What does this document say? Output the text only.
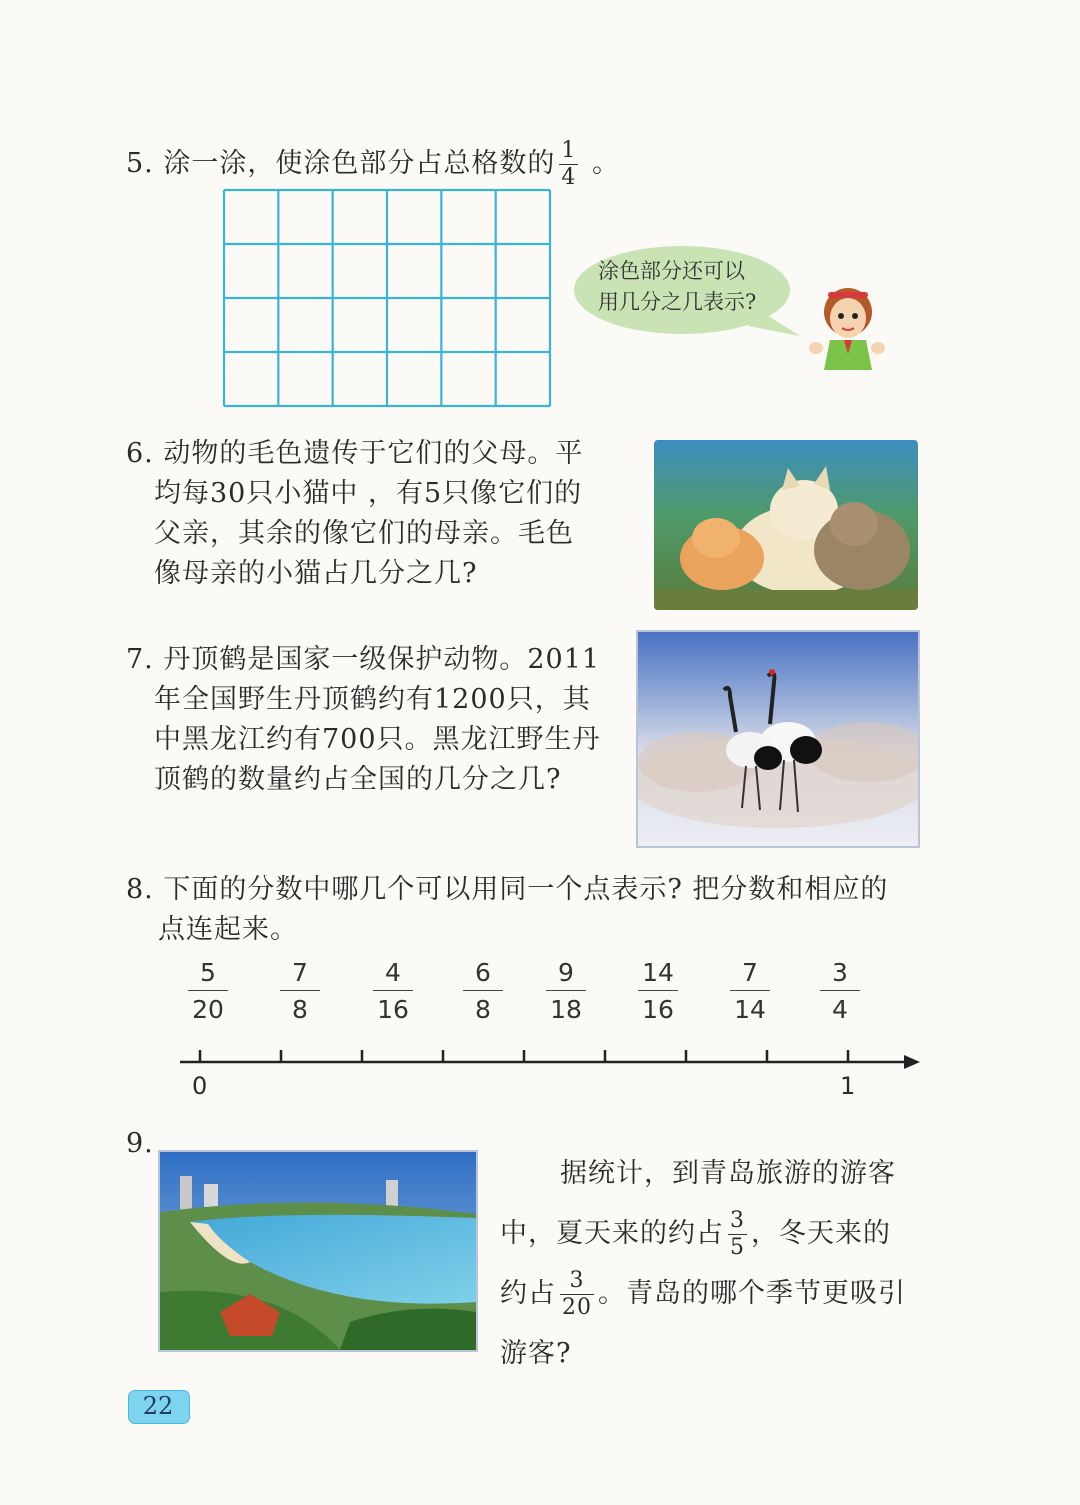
5. 涂一涂，使涂色部分占总格数的 $\frac{1}{4}$ 。
涂色部分还可以
用几分之几表示?
6. 动物的毛色遗传于它们的父母。平
均每30只小猫中 ，有5只像它们的
父亲，其余的像它们的母亲。毛色
像母亲的小猫占几分之几?
7. 丹顶鹤是国家一级保护动物。2011
年全国野生丹顶鹤约有1200只，其
中黑龙江约有700只。黑龙江野生丹
顶鹤的数量约占全国的几分之几?
8. 下面的分数中哪几个可以用同一个点表示? 把分数和相应的
点连起来。
5
20
7
8
4
16
6
8
9
18
14
16
7
14
3
4
0	1
9.
据统计，到青岛旅游的游客
中，夏天来的约占 $\frac{3}{5}$ ，冬天来的
约占 $\frac{3}{20}$ 。青岛的哪个季节更吸引
游客?
22
